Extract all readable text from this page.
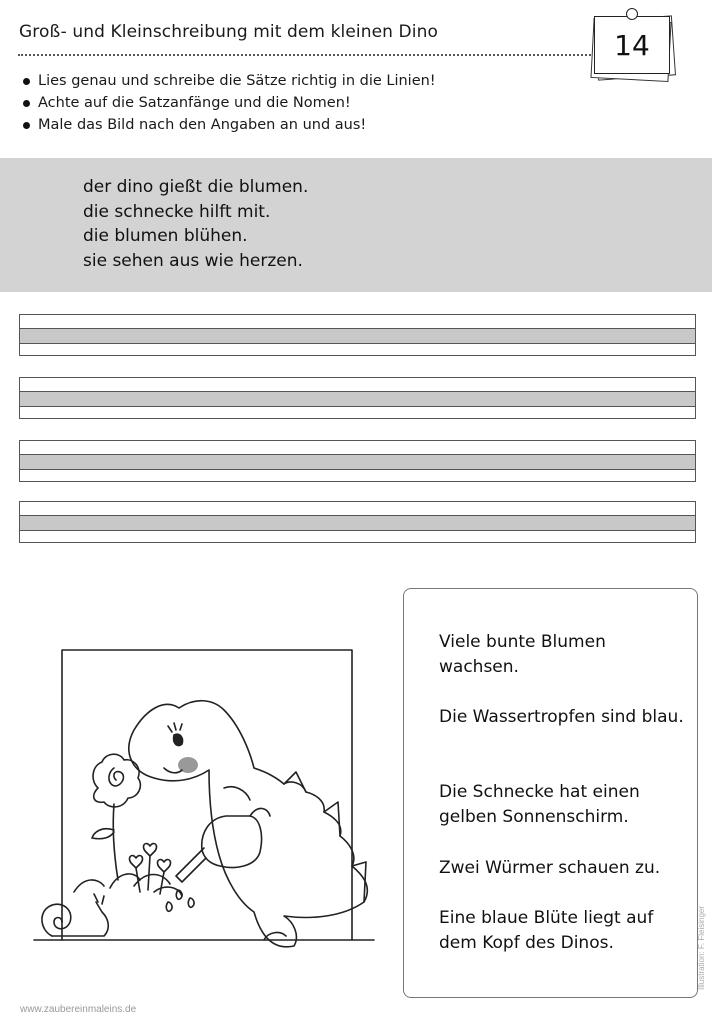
Groß- und Kleinschreibung mit dem kleinen Dino	14
Lies genau und schreibe die Sätze richtig in die Linien!
Achte auf die Satzanfänge und die Nomen!
Male das Bild nach den Angaben an und aus!
der dino gießt die blumen.
die schnecke hilft mit.
die blumen blühen.
sie sehen aus wie herzen.
Viele bunte Blumen wachsen.
Die Wassertropfen sind blau.
Die Schnecke hat einen gelben Sonnenschirm.
Zwei Würmer schauen zu.
Eine blaue Blüte liegt auf dem Kopf des Dinos.
www.zaubereinmaleins.de
Illustration: F. Fleisinger
